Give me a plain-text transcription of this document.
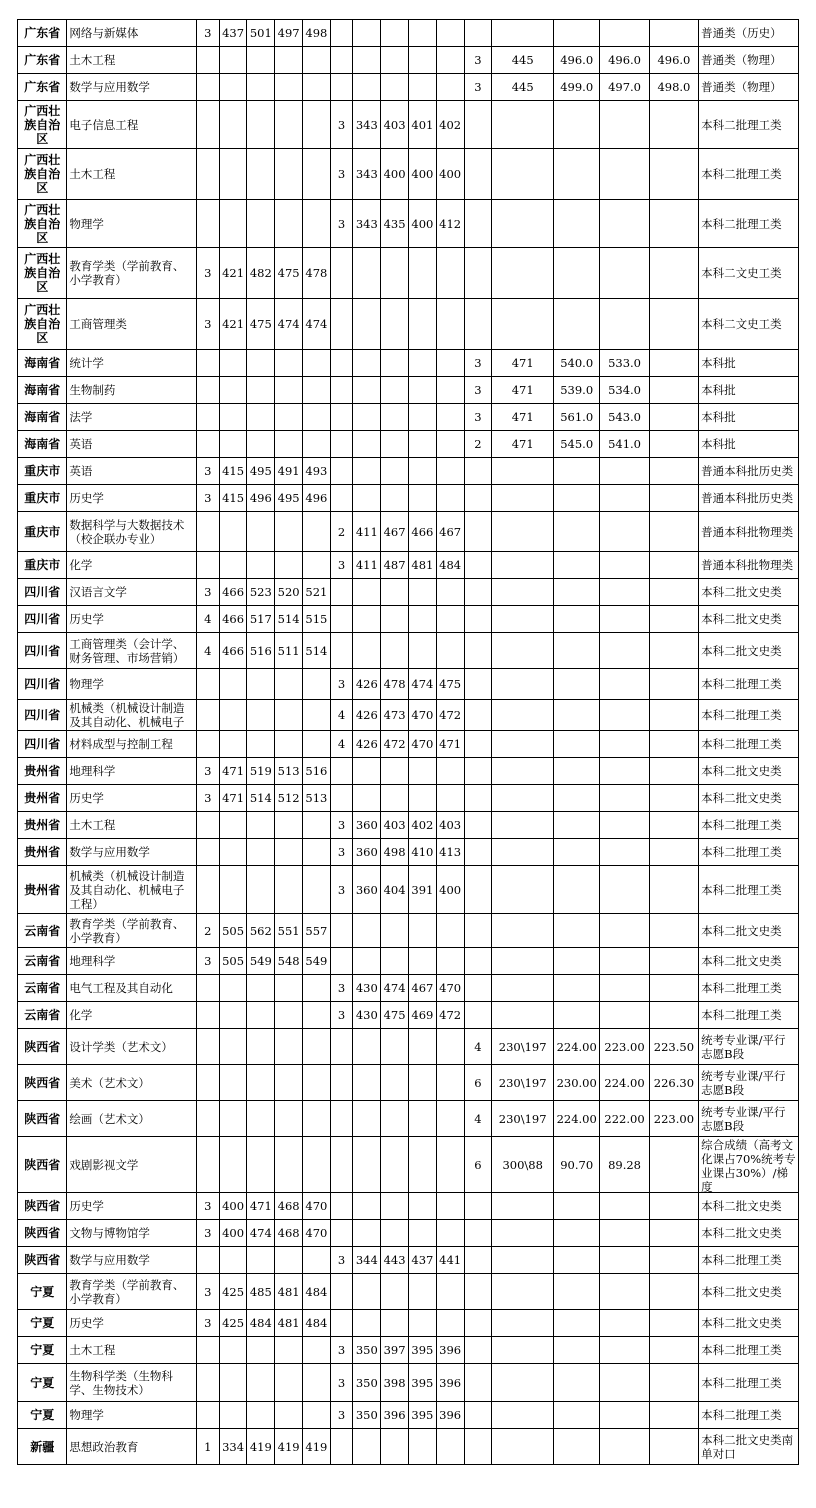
广东省	网络与新媒体	3	437	501	497	498											普通类（历史）

广东省	土木工程											3	445	496.0	496.0	496.0	普通类（物理）

广东省	数学与应用数学											3	445	499.0	497.0	498.0	普通类（物理）

广西壮族自治区	电子信息工程						3	343	403	401	402						本科二批理工类

广西壮族自治区	土木工程						3	343	400	400	400						本科二批理工类

广西壮族自治区	物理学						3	343	435	400	412						本科二批理工类

广西壮族自治区	教育学类（学前教育、小学教育）	3	421	482	475	478											本科二文史工类

广西壮族自治区	工商管理类	3	421	475	474	474											本科二文史工类

海南省	统计学											3	471	540.0	533.0		本科批

海南省	生物制药											3	471	539.0	534.0		本科批

海南省	法学											3	471	561.0	543.0		本科批

海南省	英语											2	471	545.0	541.0		本科批

重庆市	英语	3	415	495	491	493											普通本科批历史类

重庆市	历史学	3	415	496	495	496											普通本科批历史类

重庆市	数据科学与大数据技术（校企联办专业）						2	411	467	466	467						普通本科批物理类

重庆市	化学						3	411	487	481	484						普通本科批物理类

四川省	汉语言文学	3	466	523	520	521											本科二批文史类

四川省	历史学	4	466	517	514	515											本科二批文史类

四川省	工商管理类（会计学、财务管理、市场营销）	4	466	516	511	514											本科二批文史类

四川省	物理学						3	426	478	474	475						本科二批理工类

四川省	机械类（机械设计制造及其自动化、机械电子						4	426	473	470	472						本科二批理工类

四川省	材料成型与控制工程						4	426	472	470	471						本科二批理工类

贵州省	地理科学	3	471	519	513	516											本科二批文史类

贵州省	历史学	3	471	514	512	513											本科二批文史类

贵州省	土木工程						3	360	403	402	403						本科二批理工类

贵州省	数学与应用数学						3	360	498	410	413						本科二批理工类

贵州省	机械类（机械设计制造及其自动化、机械电子工程）						3	360	404	391	400						本科二批理工类

云南省	教育学类（学前教育、小学教育）	2	505	562	551	557											本科二批文史类

云南省	地理科学	3	505	549	548	549											本科二批文史类

云南省	电气工程及其自动化						3	430	474	467	470						本科二批理工类

云南省	化学						3	430	475	469	472						本科二批理工类

陕西省	设计学类（艺术文）											4	230\197	224.00	223.00	223.50	统考专业课/平行志愿B段

陕西省	美术（艺术文）											6	230\197	230.00	224.00	226.30	统考专业课/平行志愿B段

陕西省	绘画（艺术文）											4	230\197	224.00	222.00	223.00	统考专业课/平行志愿B段

陕西省	戏剧影视文学											6	300\88	90.70	89.28		综合成绩（高考文化课占70%统考专业课占30%）/梯度

陕西省	历史学	3	400	471	468	470											本科二批文史类

陕西省	文物与博物馆学	3	400	474	468	470											本科二批文史类

陕西省	数学与应用数学						3	344	443	437	441						本科二批理工类

宁夏	教育学类（学前教育、小学教育）	3	425	485	481	484											本科二批文史类

宁夏	历史学	3	425	484	481	484											本科二批文史类

宁夏	土木工程						3	350	397	395	396						本科二批理工类

宁夏	生物科学类（生物科学、生物技术）						3	350	398	395	396						本科二批理工类

宁夏	物理学						3	350	396	395	396						本科二批理工类

新疆	思想政治教育	1	334	419	419	419											本科二批文史类南单对口
